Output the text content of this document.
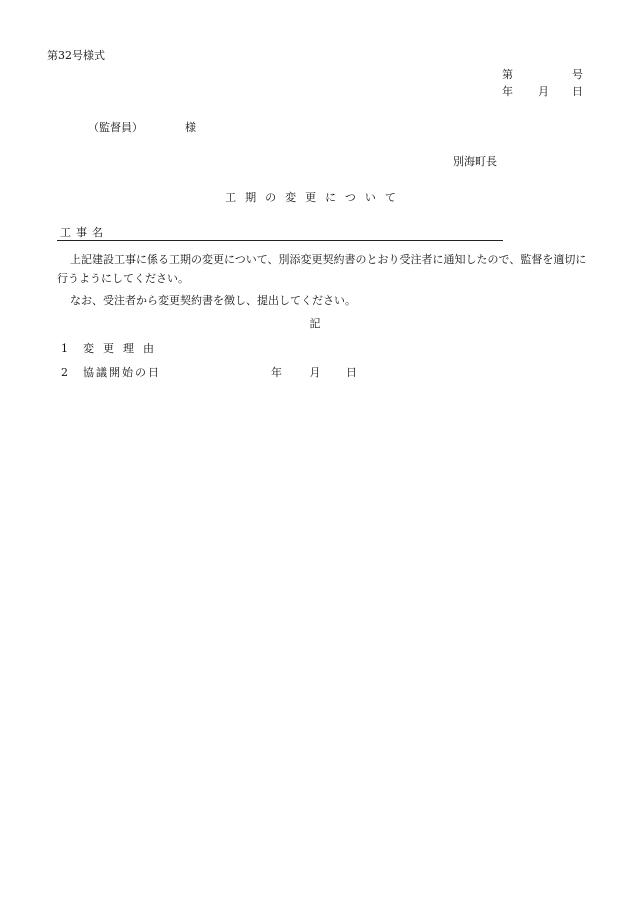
第32号様式
第	号
年 月 日
（監督員）	様
別海町長
工期の変更について
工事名
上記建設工事に係る工期の変更について、別添変更契約書のとおり受注者に通知したので、監督を適切に行うようにしてください。
なお、受注者から変更契約書を徴し、提出してください。
記
1 変更理由
2 協議開始の日	年	月 日
